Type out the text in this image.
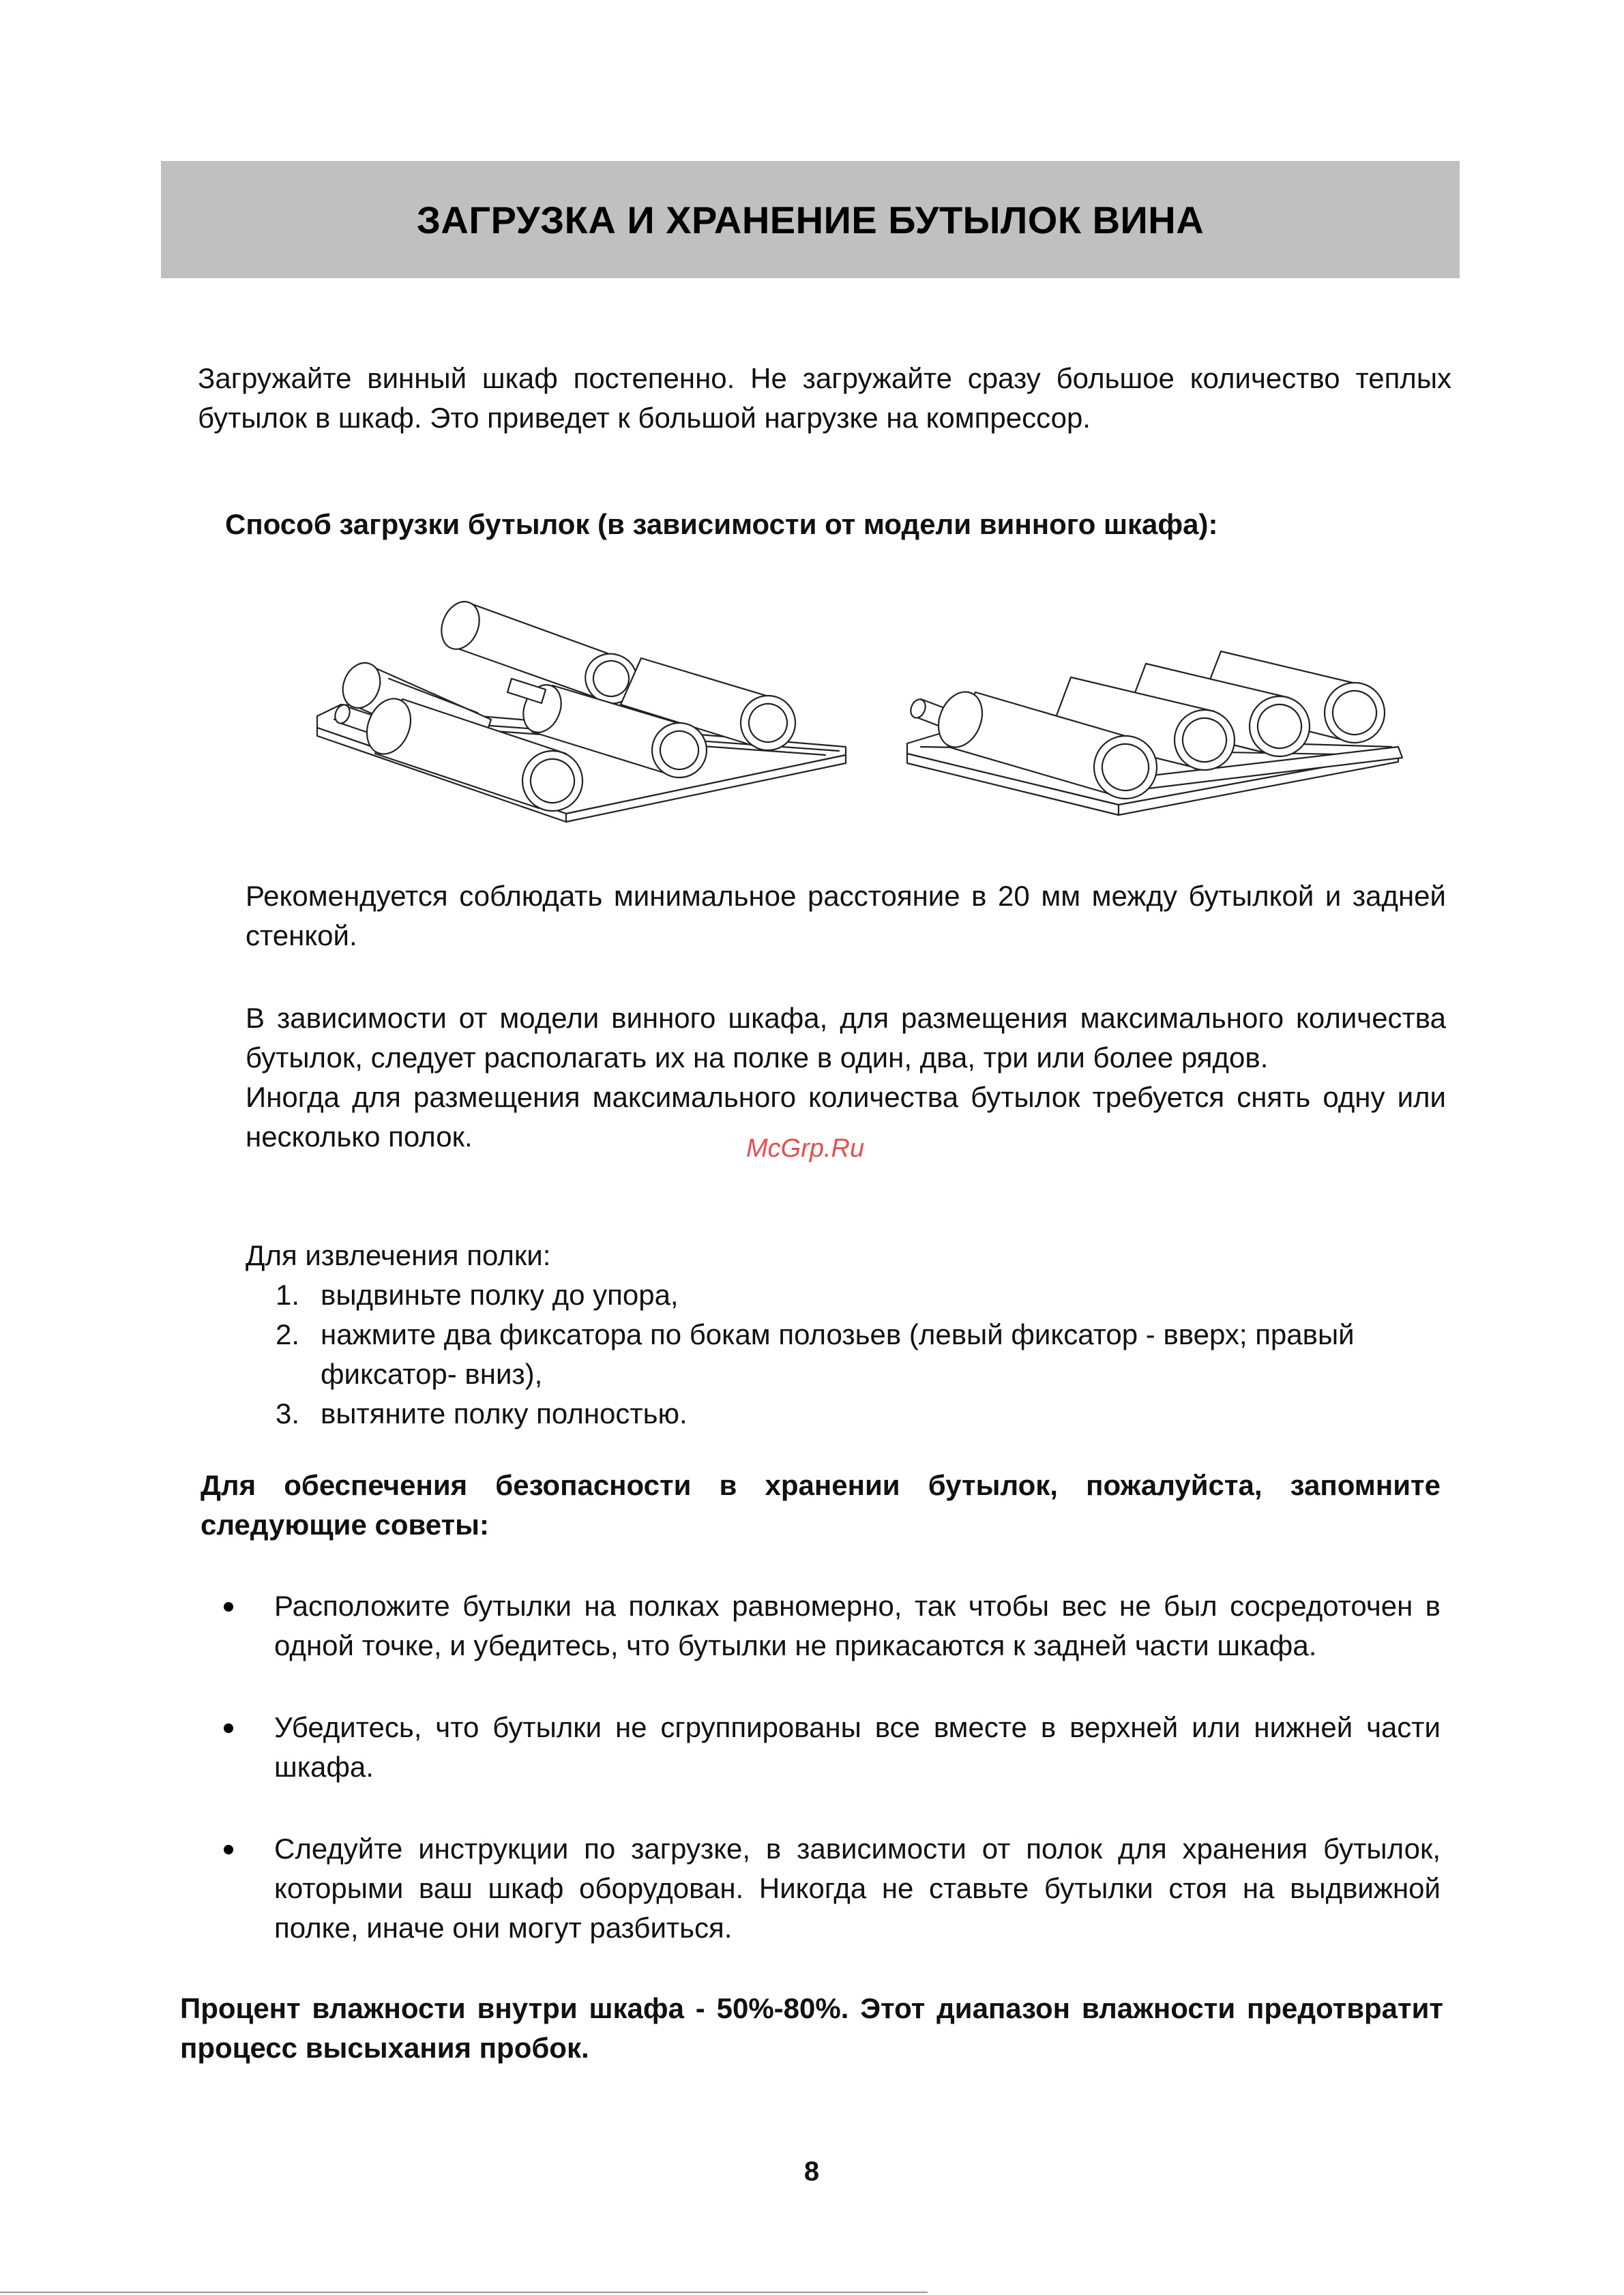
ЗАГРУЗКА И ХРАНЕНИЕ БУТЫЛОК ВИНА

Загружайте винный шкаф постепенно. Не загружайте сразу большое количество теплых бутылок в шкаф. Это приведет к большой нагрузке на компрессор.

Способ загрузки бутылок (в зависимости от модели винного шкафа):

Рекомендуется соблюдать минимальное расстояние в 20 мм между бутылкой и задней стенкой.

В зависимости от модели винного шкафа, для размещения максимального количества бутылок, следует располагать их на полке в один, два, три или более рядов.
Иногда для размещения максимального количества бутылок требуется снять одну или несколько полок.	McGrp.Ru

Для извлечения полки:

1. выдвиньте полку до упора,
2. нажмите два фиксатора по бокам полозьев (левый фиксатор - вверх; правый фиксатор- вниз),
3. вытяните полку полностью.

Для обеспечения безопасности в хранении бутылок, пожалуйста, запомните следующие советы:

Расположите бутылки на полках равномерно, так чтобы вес не был сосредоточен в одной точке, и убедитесь, что бутылки не прикасаются к задней части шкафа.
Убедитесь, что бутылки не сгруппированы все вместе в верхней или нижней части шкафа.
Следуйте инструкции по загрузке, в зависимости от полок для хранения бутылок, которыми ваш шкаф оборудован. Никогда не ставьте бутылки стоя на выдвижной полке, иначе они могут разбиться.

Процент влажности внутри шкафа - 50%-80%. Этот диапазон влажности предотвратит процесс высыхания пробок.

8
